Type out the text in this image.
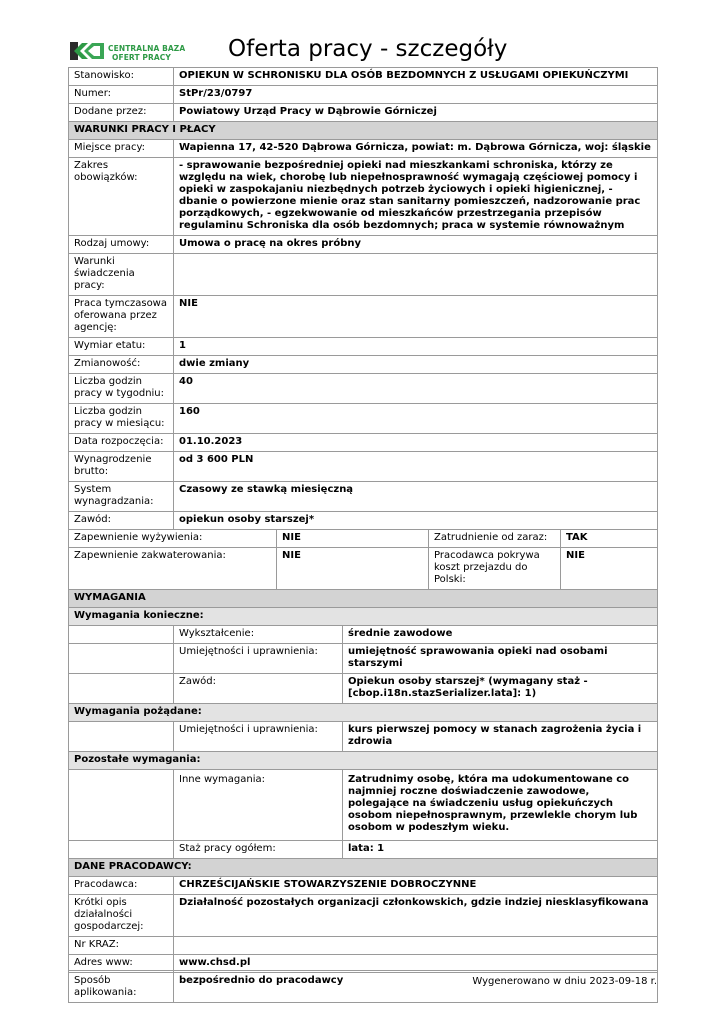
CENTRALNA BAZA
OFERT PRACY	Oferta pracy - szczegóły
Stanowisko:	OPIEKUN W SCHRONISKU DLA OSÓB BEZDOMNYCH Z USŁUGAMI OPIEKUŃCZYMI				
Numer:	StPr/23/0797				
Dodane przez:	Powiatowy Urząd Pracy w Dąbrowie Górniczej				
WARUNKI PRACY I PŁACY					
Miejsce pracy:	Wapienna 17, 42-520 Dąbrowa Górnicza, powiat: m. Dąbrowa Górnicza, woj: śląskie				
Zakres obowiązków:	- sprawowanie bezpośredniej opieki nad mieszkankami schroniska, którzy ze względu na wiek, chorobę lub niepełnosprawność wymagają częściowej pomocy i opieki w zaspokajaniu niezbędnych potrzeb życiowych i opieki higienicznej, - dbanie o powierzone mienie oraz stan sanitarny pomieszczeń, nadzorowanie prac porządkowych, - egzekwowanie od mieszkańców przestrzegania przepisów regulaminu Schroniska dla osób bezdomnych; praca w systemie równoważnym				
Rodzaj umowy:	Umowa o pracę na okres próbny				
Warunki świadczenia pracy:					
Praca tymczasowa oferowana przez agencję:	NIE				
Wymiar etatu:	1				
Zmianowość:	dwie zmiany				
Liczba godzin pracy w tygodniu:	40				
Liczba godzin pracy w miesiącu:	160				
Data rozpoczęcia:	01.10.2023				
Wynagrodzenie brutto:	od 3 600 PLN				
System wynagradzania:	Czasowy ze stawką miesięczną				
Zawód:	opiekun osoby starszej*				
Zapewnienie wyżywienia:		NIE		Zatrudnienie od zaraz:	TAK
Zapewnienie zakwaterowania:		NIE		Pracodawca pokrywa koszt przejazdu do Polski:	NIE
WYMAGANIA					
Wymagania konieczne:					
	Wykształcenie:		średnie zawodowe		
	Umiejętności i uprawnienia:		umiejętność sprawowania opieki nad osobami starszymi		
	Zawód:		Opiekun osoby starszej* (wymagany staż - [cbop.i18n.stazSerializer.lata]: 1)		
Wymagania pożądane:					
	Umiejętności i uprawnienia:		kurs pierwszej pomocy w stanach zagrożenia życia i zdrowia		
Pozostałe wymagania:					
	Inne wymagania:		Zatrudnimy osobę, która ma udokumentowane co najmniej roczne doświadczenie zawodowe, polegające na świadczeniu usług opiekuńczych osobom niepełnosprawnym, przewlekle chorym lub osobom w podeszłym wieku.		
	Staż pracy ogółem:		lata: 1		
DANE PRACODAWCY:					
Pracodawca:	CHRZEŚCIJAŃSKIE STOWARZYSZENIE DOBROCZYNNE				
Krótki opis działalności gospodarczej:	Działalność pozostałych organizacji członkowskich, gdzie indziej niesklasyfikowana				
Nr KRAZ:					
Adres www:	www.chsd.pl				
Sposób aplikowania:	bezpośrednio do pracodawcy					Wygenerowano w dniu 2023-09-18 r.
